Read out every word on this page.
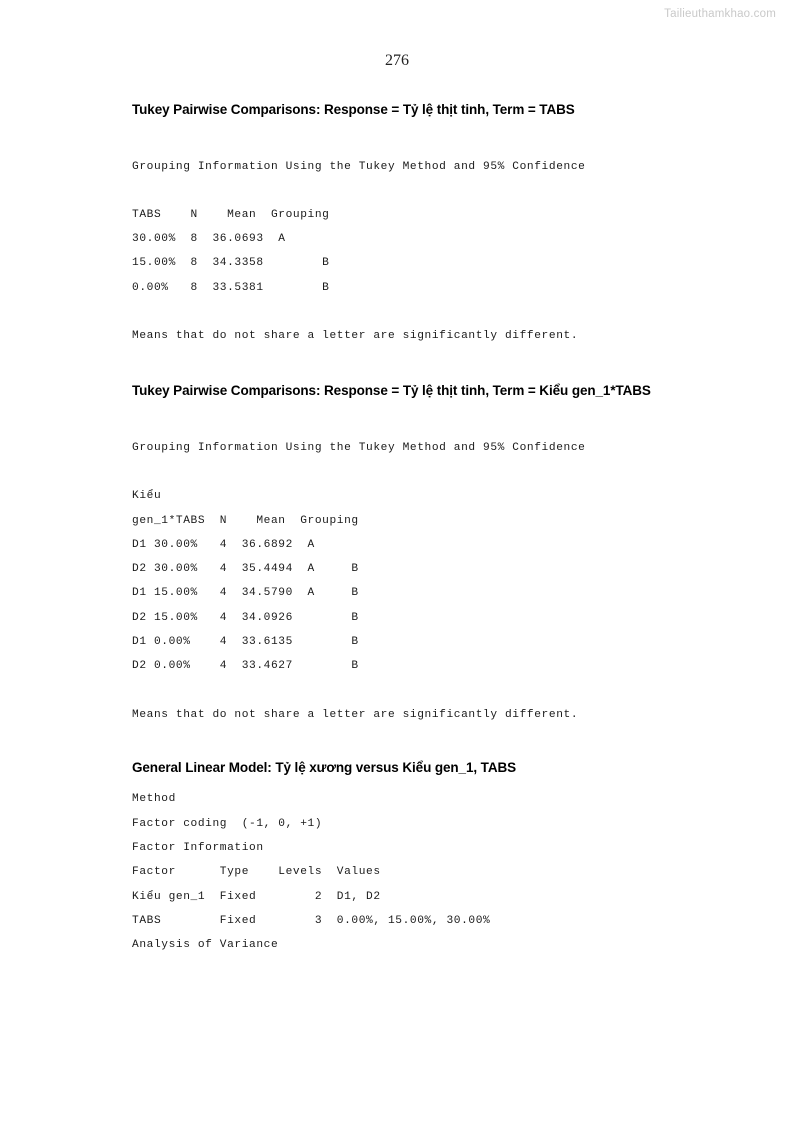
Tailieuthamkhao.com
276
Tukey Pairwise Comparisons: Response = Tỷ lệ thịt tinh, Term = TABS
Grouping Information Using the Tukey Method and 95% Confidence
TABS    N    Mean  Grouping
30.00%  8  36.0693  A
15.00%  8  34.3358        B
0.00%   8  33.5381        B
Means that do not share a letter are significantly different.
Tukey Pairwise Comparisons: Response = Tỷ lệ thịt tinh, Term = Kiểu gen_1*TABS
Grouping Information Using the Tukey Method and 95% Confidence
Kiểu
gen_1*TABS  N    Mean  Grouping
D1 30.00%   4  36.6892  A
D2 30.00%   4  35.4494  A     B
D1 15.00%   4  34.5790  A     B
D2 15.00%   4  34.0926        B
D1 0.00%    4  33.6135        B
D2 0.00%    4  33.4627        B
Means that do not share a letter are significantly different.
General Linear Model: Tỷ lệ xương versus Kiểu gen_1, TABS
Method
Factor coding  (-1, 0, +1)
Factor Information
Factor      Type    Levels  Values
Kiểu gen_1  Fixed        2  D1, D2
TABS        Fixed        3  0.00%, 15.00%, 30.00%
Analysis of Variance
